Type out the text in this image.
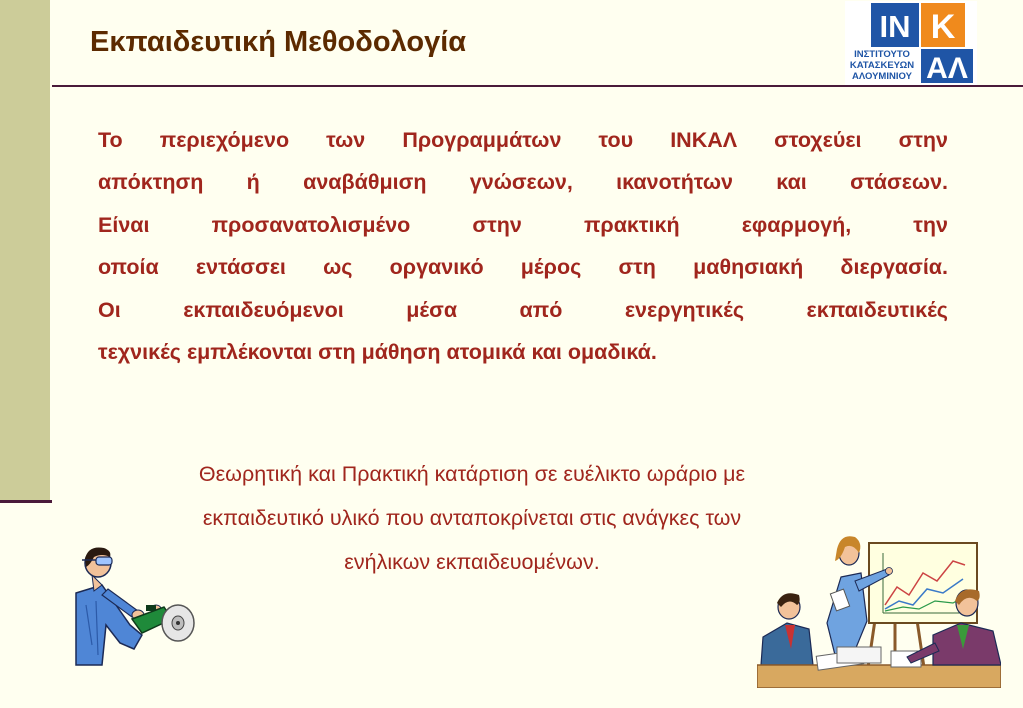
Εκπαιδευτική Μεθοδολογία	IN Κ
ΙΝΣΤΙΤΟΥΤΟ
ΚΑΤΑΣΚΕΥΩΝ
ΑΛΟΥΜΙΝΙΟΥ ΑΛ
Το περιεχόμενο των Προγραμμάτων του ΙΝΚΑΛ στοχεύει στην
απόκτηση ή αναβάθμιση γνώσεων, ικανοτήτων και στάσεων.
Είναι προσανατολισμένο στην πρακτική εφαρμογή, την
οποία εντάσσει ως οργανικό μέρος στη μαθησιακή διεργασία.
Οι εκπαιδευόμενοι μέσα από ενεργητικές εκπαιδευτικές
τεχνικές εμπλέκονται στη μάθηση ατομικά και ομαδικά.
Θεωρητική και Πρακτική κατάρτιση σε ευέλικτο ωράριο με
εκπαιδευτικό υλικό που ανταποκρίνεται στις ανάγκες των
ενήλικων εκπαιδευομένων.
